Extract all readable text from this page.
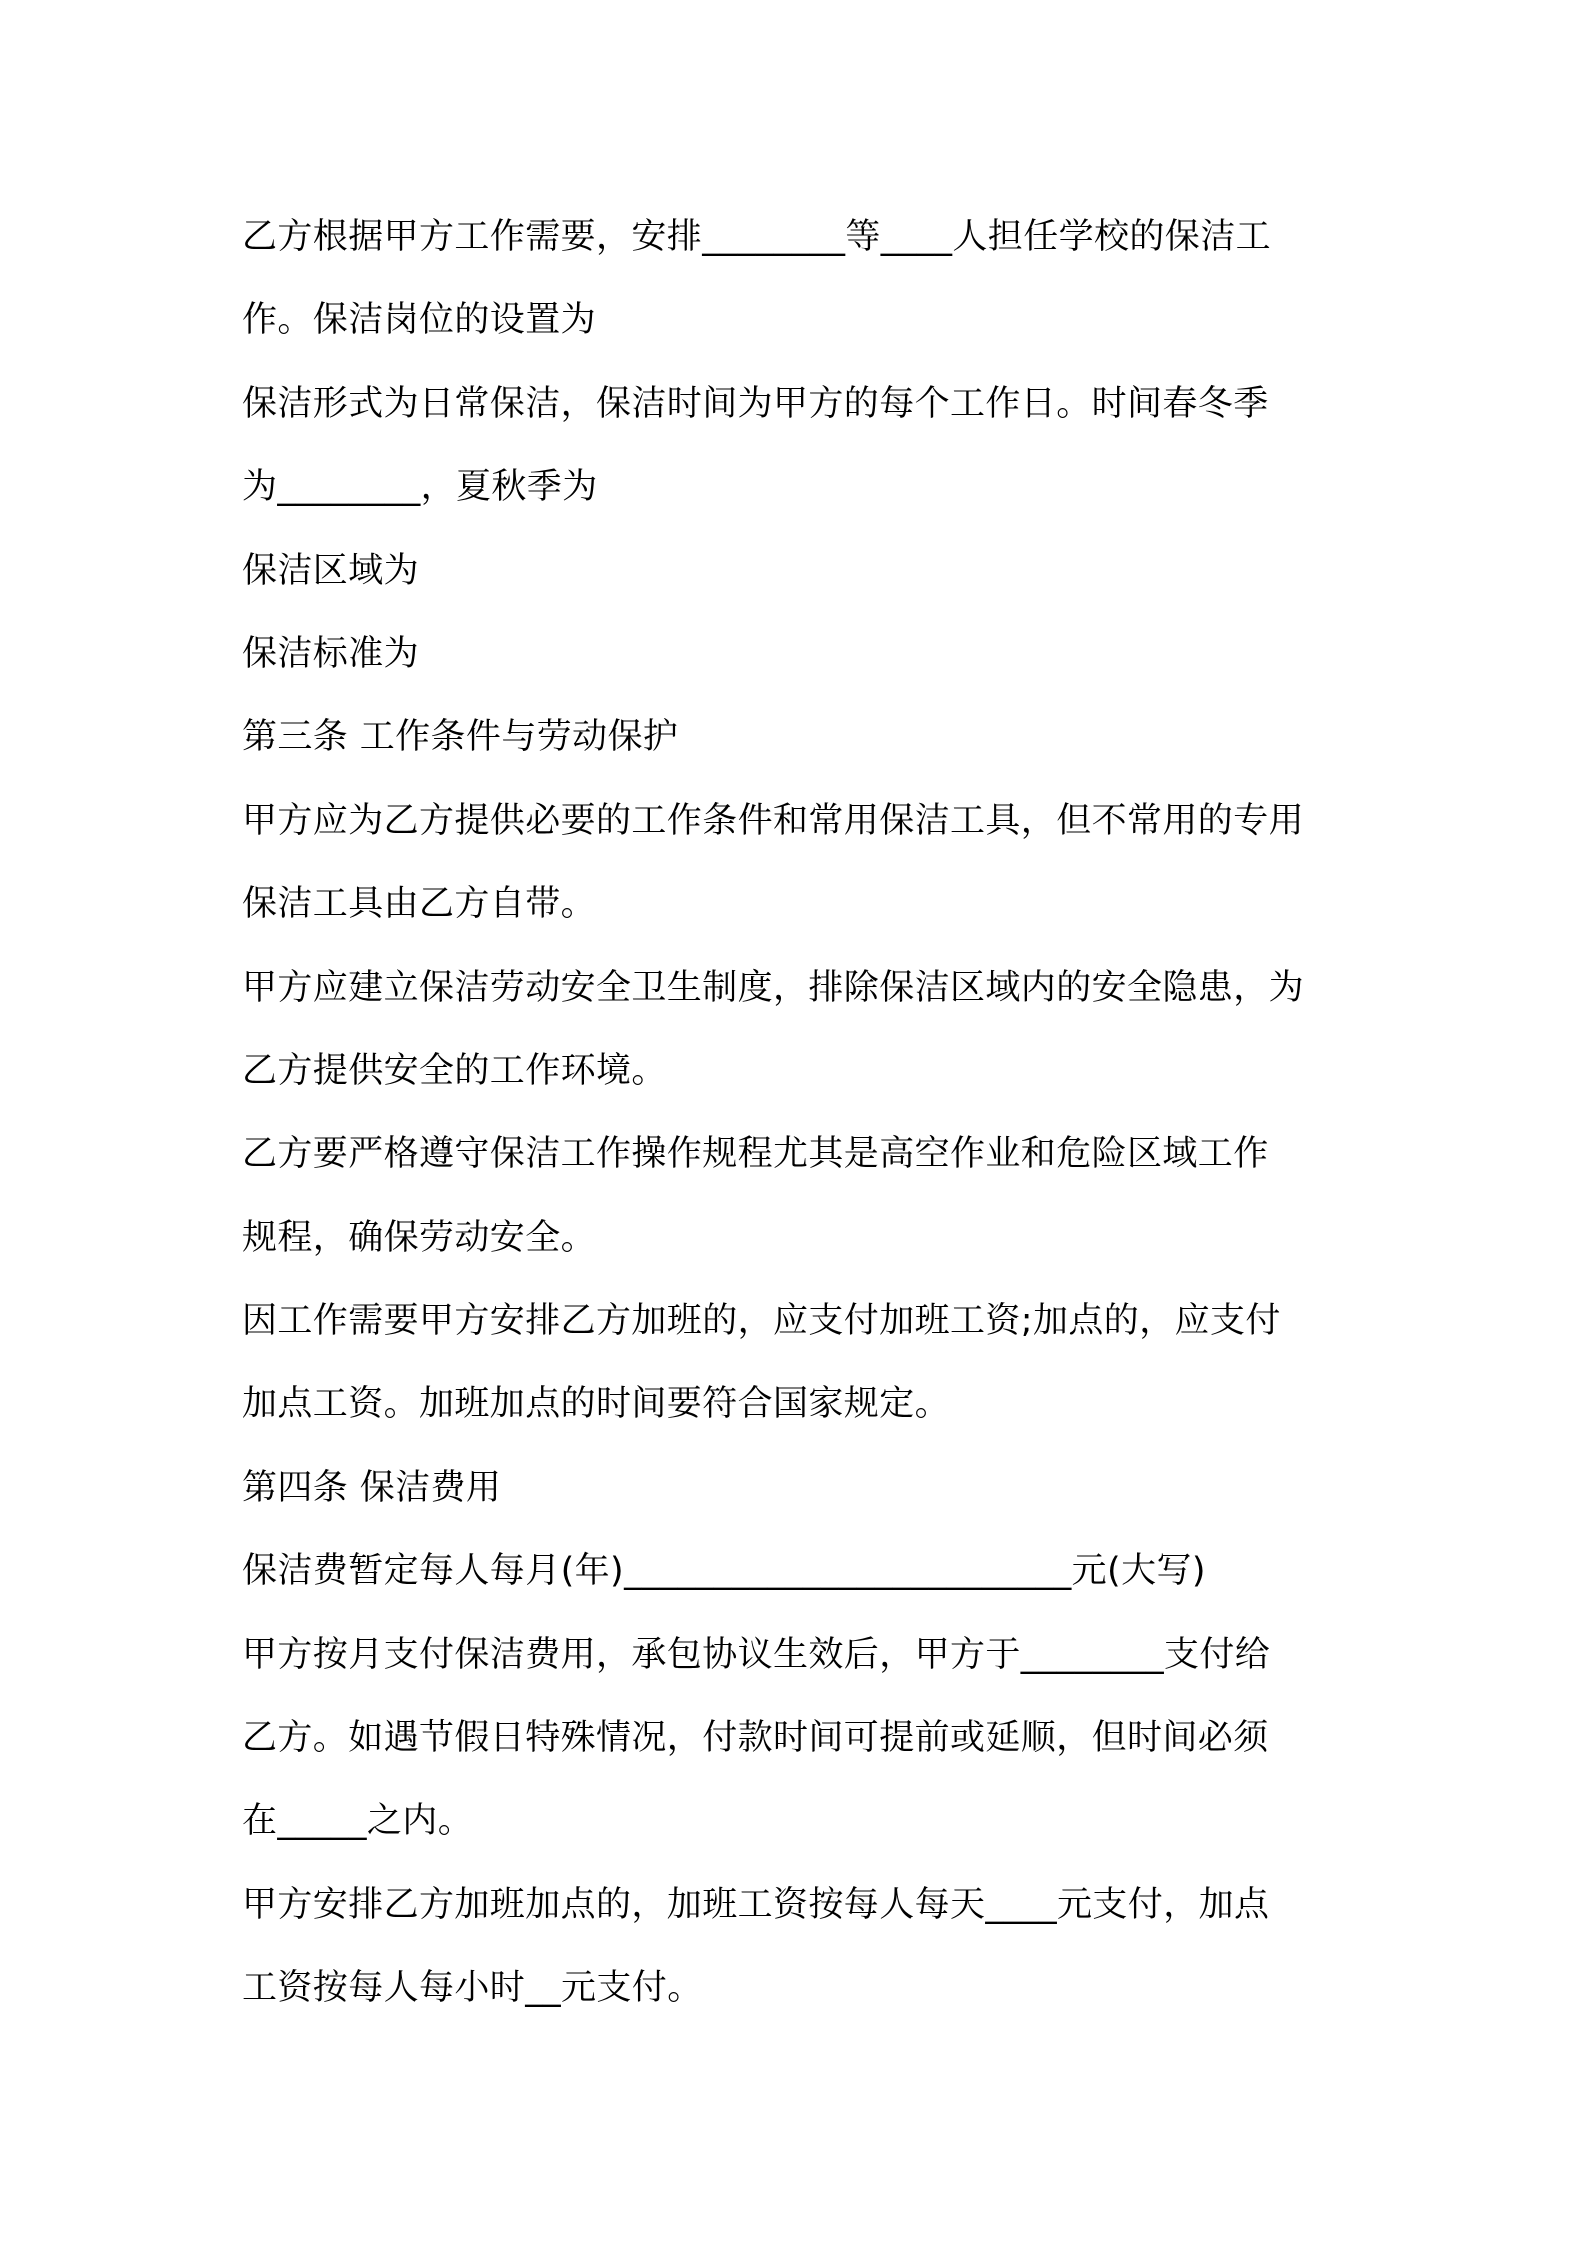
乙方根据甲方工作需要，安排________等____人担任学校的保洁工
作。保洁岗位的设置为
保洁形式为日常保洁，保洁时间为甲方的每个工作日。时间春冬季
为________，夏秋季为
保洁区域为
保洁标准为
第三条 工作条件与劳动保护
甲方应为乙方提供必要的工作条件和常用保洁工具，但不常用的专用
保洁工具由乙方自带。
甲方应建立保洁劳动安全卫生制度，排除保洁区域内的安全隐患，为
乙方提供安全的工作环境。
乙方要严格遵守保洁工作操作规程尤其是高空作业和危险区域工作
规程，确保劳动安全。
因工作需要甲方安排乙方加班的，应支付加班工资;加点的，应支付
加点工资。加班加点的时间要符合国家规定。
第四条 保洁费用
保洁费暂定每人每月(年)_________________________元(大写)
甲方按月支付保洁费用，承包协议生效后，甲方于________支付给
乙方。如遇节假日特殊情况，付款时间可提前或延顺，但时间必须
在_____之内。
甲方安排乙方加班加点的，加班工资按每人每天____元支付，加点
工资按每人每小时__元支付。
